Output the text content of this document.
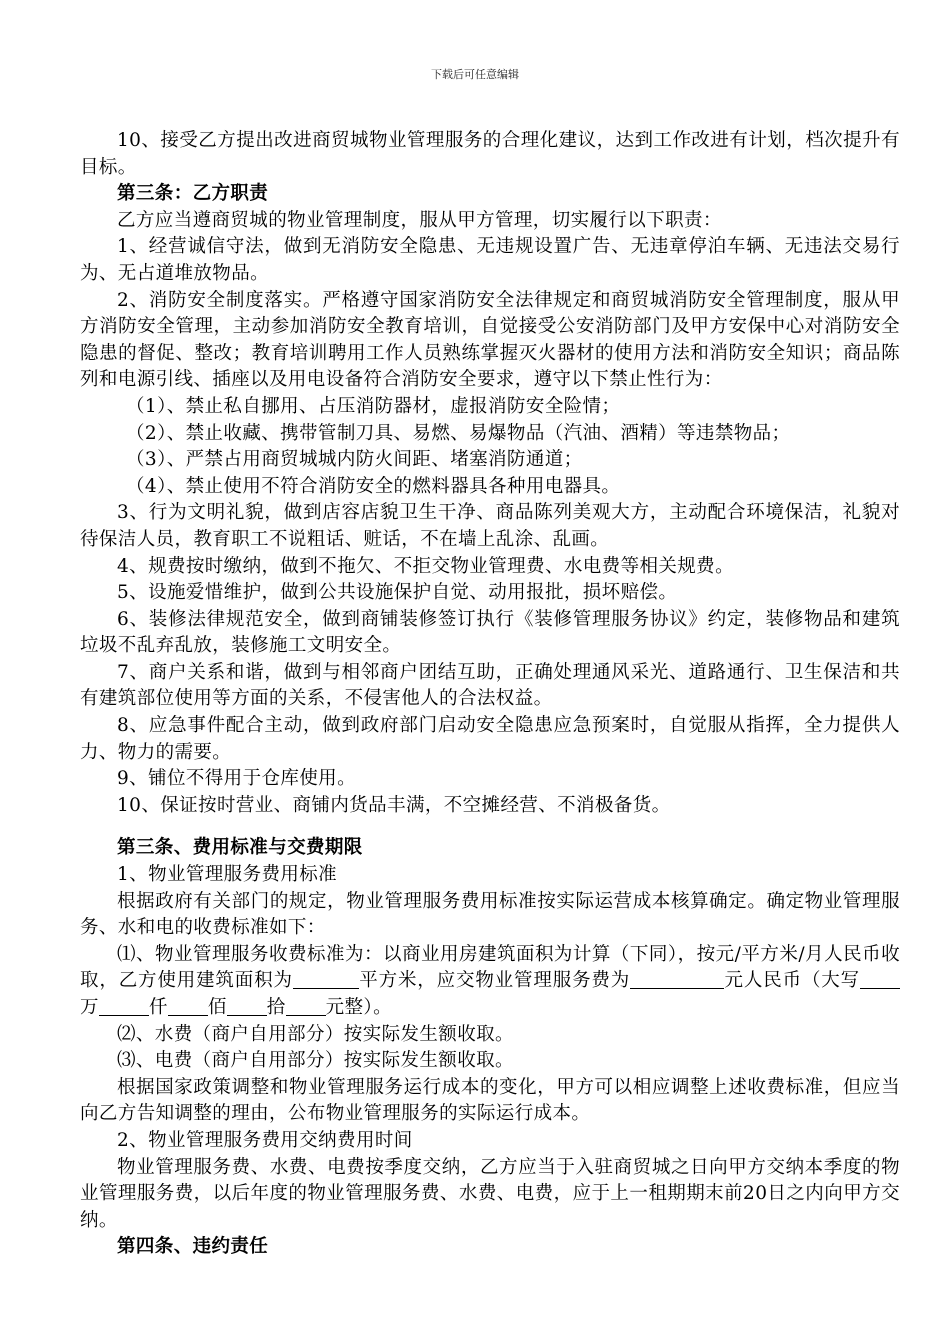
下载后可任意编辑

10、接受乙方提出改进商贸城物业管理服务的合理化建议，达到工作改进有计划，档次提升有目标。

第三条：乙方职责

乙方应当遵商贸城的物业管理制度，服从甲方管理，切实履行以下职责：

1、经营诚信守法，做到无消防安全隐患、无违规设置广告、无违章停泊车辆、无违法交易行为、无占道堆放物品。

2、消防安全制度落实。严格遵守国家消防安全法律规定和商贸城消防安全管理制度，服从甲方消防安全管理，主动参加消防安全教育培训，自觉接受公安消防部门及甲方安保中心对消防安全隐患的督促、整改；教育培训聘用工作人员熟练掌握灭火器材的使用方法和消防安全知识；商品陈列和电源引线、插座以及用电设备符合消防安全要求，遵守以下禁止性行为：

（1）、禁止私自挪用、占压消防器材，虚报消防安全险情；

（2）、禁止收藏、携带管制刀具、易燃、易爆物品（汽油、酒精）等违禁物品；

（3）、严禁占用商贸城城内防火间距、堵塞消防通道；

（4）、禁止使用不符合消防安全的燃料器具各种用电器具。

3、行为文明礼貌，做到店容店貌卫生干净、商品陈列美观大方，主动配合环境保洁，礼貌对待保洁人员，教育职工不说粗话、赃话，不在墙上乱涂、乱画。

4、规费按时缴纳，做到不拖欠、不拒交物业管理费、水电费等相关规费。

5、设施爱惜维护，做到公共设施保护自觉、动用报批，损坏赔偿。

6、装修法律规范安全，做到商铺装修签订执行《装修管理服务协议》约定，装修物品和建筑垃圾不乱弃乱放，装修施工文明安全。

7、商户关系和谐，做到与相邻商户团结互助，正确处理通风采光、道路通行、卫生保洁和共有建筑部位使用等方面的关系，不侵害他人的合法权益。

8、应急事件配合主动，做到政府部门启动安全隐患应急预案时，自觉服从指挥，全力提供人力、物力的需要。

9、铺位不得用于仓库使用。

10、保证按时营业、商铺内货品丰满，不空摊经营、不消极备货。

第三条、费用标准与交费期限

1、物业管理服务费用标准

根据政府有关部门的规定，物业管理服务费用标准按实际运营成本核算确定。确定物业管理服务、水和电的收费标准如下：

⑴、物业管理服务收费标准为：以商业用房建筑面积为计算（下同），按元/平方米/月人民币收取，乙方使用建筑面积为	平方米，应交物业管理服务费为	元人民币（大写万	仟 佰 拾 元整）。

⑵、水费（商户自用部分）按实际发生额收取。

⑶、电费（商户自用部分）按实际发生额收取。

根据国家政策调整和物业管理服务运行成本的变化，甲方可以相应调整上述收费标准，但应当向乙方告知调整的理由，公布物业管理服务的实际运行成本。

2、物业管理服务费用交纳费用时间

物业管理服务费、水费、电费按季度交纳，乙方应当于入驻商贸城之日向甲方交纳本季度的物业管理服务费，以后年度的物业管理服务费、水费、电费，应于上一租期期末前20日之内向甲方交纳。

第四条、违约责任
